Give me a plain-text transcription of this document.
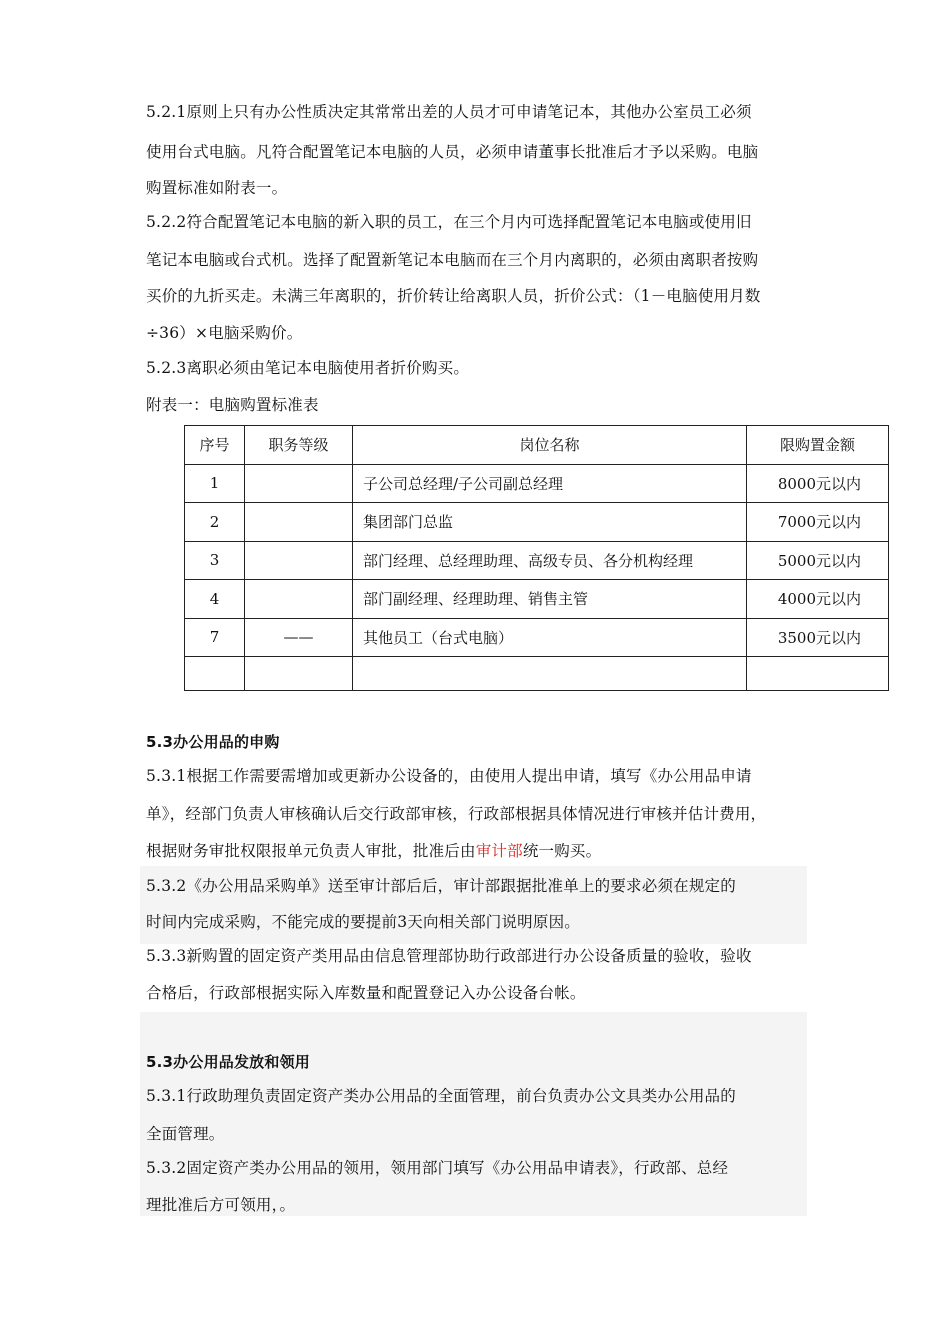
5.2.1原则上只有办公性质决定其常常出差的人员才可申请笔记本，其他办公室员工必须
使用台式电脑。凡符合配置笔记本电脑的人员，必须申请董事长批准后才予以采购。电脑
购置标准如附表一。
5.2.2符合配置笔记本电脑的新入职的员工，在三个月内可选择配置笔记本电脑或使用旧
笔记本电脑或台式机。选择了配置新笔记本电脑而在三个月内离职的，必须由离职者按购
买价的九折买走。未满三年离职的，折价转让给离职人员，折价公式：（1－电脑使用月数
÷36）×电脑采购价。
5.2.3离职必须由笔记本电脑使用者折价购买。
附表一：电脑购置标准表
序号	职务等级	岗位名称	限购置金额
1		子公司总经理/子公司副总经理	8000元以内
2		集团部门总监	7000元以内
3		部门经理、总经理助理、高级专员、各分机构经理	5000元以内
4		部门副经理、经理助理、销售主管	4000元以内
7	——	其他员工（台式电脑）	3500元以内

5.3办公用品的申购
5.3.1根据工作需要需增加或更新办公设备的，由使用人提出申请，填写《办公用品申请
单》，经部门负责人审核确认后交行政部审核，行政部根据具体情况进行审核并估计费用，
根据财务审批权限报单元负责人审批，批准后由审计部统一购买。
5.3.2《办公用品采购单》送至审计部后后，审计部跟据批准单上的要求必须在规定的
时间内完成采购，不能完成的要提前3天向相关部门说明原因。
5.3.3新购置的固定资产类用品由信息管理部协助行政部进行办公设备质量的验收，验收
合格后，行政部根据实际入库数量和配置登记入办公设备台帐。
5.3办公用品发放和领用
5.3.1行政助理负责固定资产类办公用品的全面管理，前台负责办公文具类办公用品的
全面管理。
5.3.2固定资产类办公用品的领用，领用部门填写《办公用品申请表》，行政部、总经
理批准后方可领用，。
